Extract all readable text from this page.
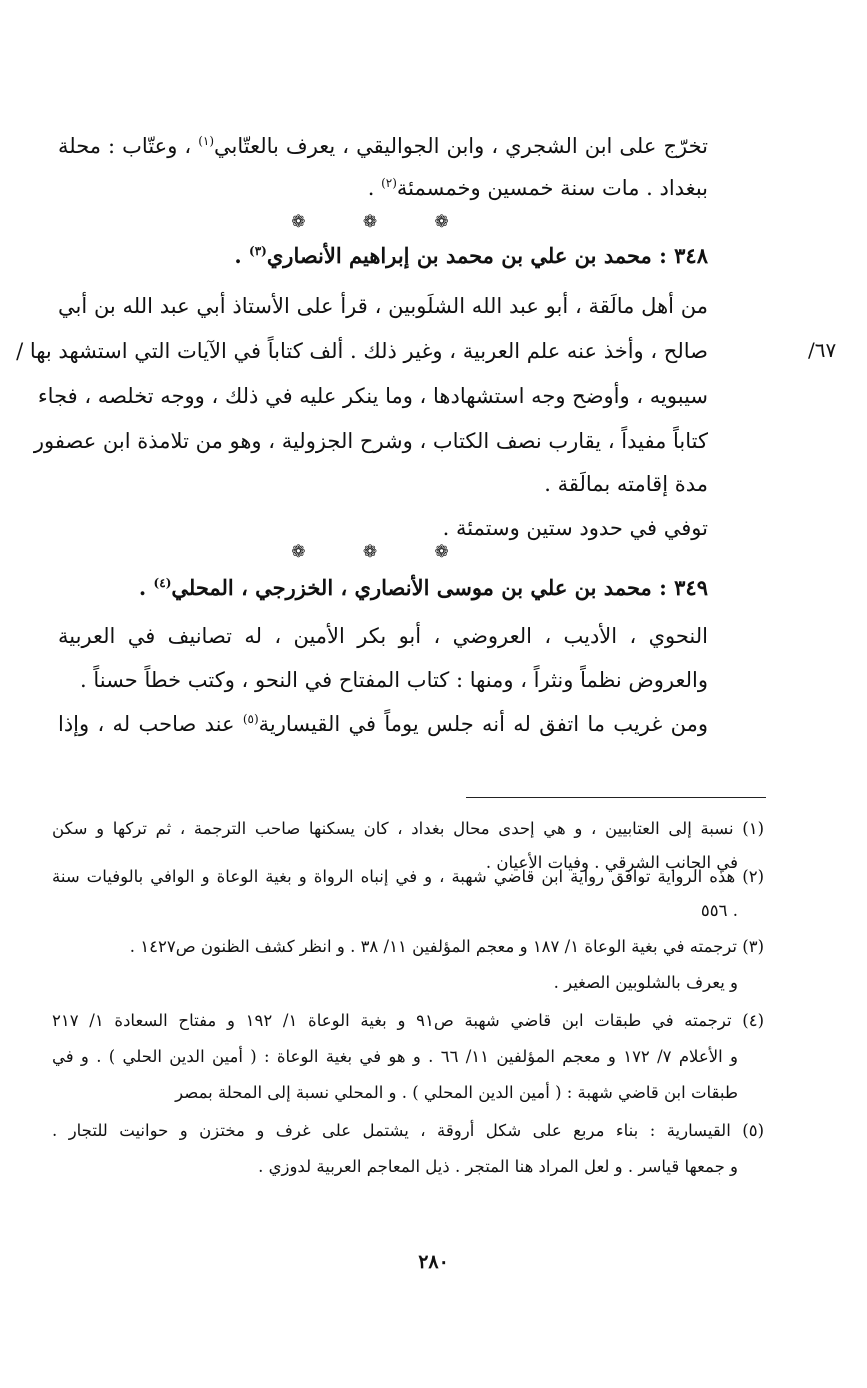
تخرّج على ابن الشجري ، وابن الجواليقي ، يعرف بالعتّابي$^{(١)}$ ، وعتّاب : محلة
ببغداد . مات سنة خمسين وخمسمئة$^{(٢)}$ .
❁ ❁ ❁
٣٤٨ : محمد بن علي بن محمد بن إبراهيم الأنصاري$^{(٣)}$ .
من أهل مالَقة ، أبو عبد الله الشلَوبين ، قرأ على الأستاذ أبي عبد الله بن أبي
صالح ، وأخذ عنه علم العربية ، وغير ذلك . ألف كتاباً في الآيات التي استشهد بها /
سيبويه ، وأوضح وجه استشهادها ، وما ينكر عليه في ذلك ، ووجه تخلصه ، فجاء
كتاباً مفيداً ، يقارب نصف الكتاب ، وشرح الجزولية ، وهو من تلامذة ابن عصفور
مدة إقامته بمالَقة .
توفي في حدود ستين وستمئة .
❁ ❁ ❁
٣٤٩ : محمد بن علي بن موسى الأنصاري ، الخزرجي ، المحلي$^{(٤)}$ .
النحوي ، الأديب ، العروضي ، أبو بكر الأمين ، له تصانيف في العربية
والعروض نظماً ونثراً ، ومنها : كتاب المفتاح في النحو ، وكتب خطاً حسناً .
ومن غريب ما اتفق له أنه جلس يوماً في القيسارية$^{(٥)}$ عند صاحب له ، وإذا
٦٧/
(١) نسبة إلى العتابيين ، و هي إحدى محال بغداد ، كان يسكنها صاحب الترجمة ، ثم تركها و سكن
في الجانب الشرقي . وفيات الأعيان .
(٢) هذه الرواية توافق رواية ابن قاضي شهبة ، و في إنباه الرواة و بغية الوعاة و الوافي بالوفيات سنة
. ٥٥٦
(٣) ترجمته في بغية الوعاة ١/ ١٨٧ و معجم المؤلفين ١١/ ٣٨ . و انظر كشف الظنون ص١٤٢٧ .
و يعرف بالشلوبين الصغير .
(٤) ترجمته في طبقات ابن قاضي شهبة ص٩١ و بغية الوعاة ١/ ١٩٢ و مفتاح السعادة ١/ ٢١٧
و الأعلام ٧/ ١٧٢ و معجم المؤلفين ١١/ ٦٦ . و هو في بغية الوعاة : ( أمين الدين الحلي ) . و في
طبقات ابن قاضي شهبة : ( أمين الدين المحلي ) . و المحلي نسبة إلى المحلة بمصر
(٥) القيسارية : بناء مربع على شكل أروقة ، يشتمل على غرف و مختزن و حوانيت للتجار .
و جمعها قياسر . و لعل المراد هنا المتجر . ذيل المعاجم العربية لدوزي .
٢٨٠
